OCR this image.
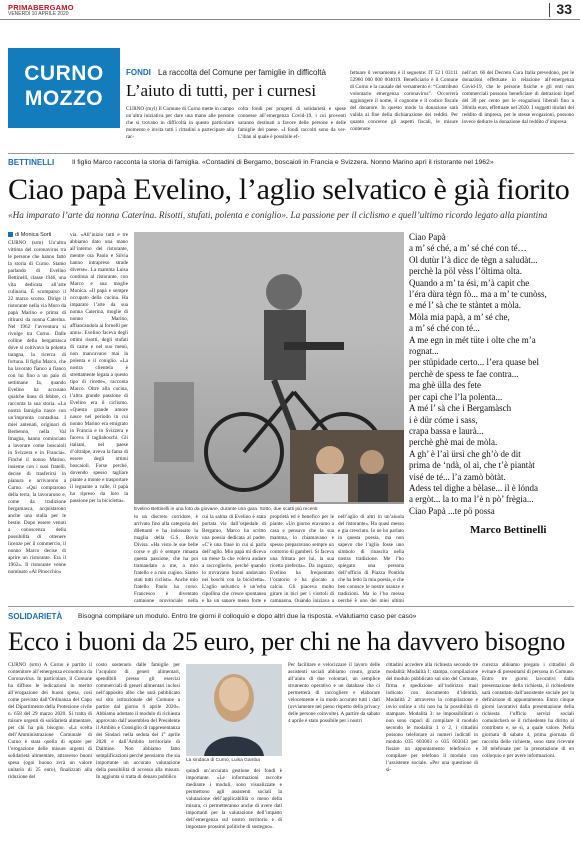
PRIMABERGAMO
VENERDÌ 10 APRILE 2020	33
CURNO
MOZZO
FONDI La raccolta del Comune per famiglie in difficoltà
L’aiuto di tutti, per i curnesi
CURNO (myl) Il Comune di Curno mette in campo un’altra iniziativa per dare una mano alle persone che si trovano in difficoltà in questo particolare momento e invita tutti i cittadini a partecipare alla rac-
colta fondi per progetti di solidarietà e spese connesse all’emergenza Covid-19, i cui proventi saranno destinati a favore delle persone e delle famiglie del paese. «I fondi raccolti sono da ver- L’iban al quale è possibile ef-
fettuare il versamento è il seguente: IT 52 I 03111 52960 000 000 004019. Beneficiario è il Comune di Curno e la causale del versamento è: “Contributo volontario emergenza coronavirus”. Occorrerà aggiungere il nome, il cognome e il codice fiscale del donatore. In questo modo la donazione sarà valida ai fine della dichiarazione dei redditi. Per quanto concerne gli aspetti fiscali, le misure contenute
nell’art. 66 del Decreto Cura Italia prevedono, per le donazioni effettuate in relazione all’emergenza Covid-19, che le persone fisiche e gli enti non commerciali possono beneficiare di detrazioni Irpef del 30 per cento per le erogazioni liberali fino a 30mila euro, effettuate nel 2020. I soggetti titolari del reddito di impresa, per le stesse erogazioni, possono invece dedurre la donazione dal reddito d’impresa.
BETTINELLI	Il figlio Marco racconta la storia di famiglia. «Contadini di Bergamo, boscaioli in Francia e Svizzera. Nonno Marino aprì il ristorante nel 1962»
Ciao papà Evelino, l’aglio selvatico è già fiorito
«Ha imparato l’arte da nonna Caterina. Risotti, stufati, polenta e coniglio». La passione per il ciclismo e quell’ultimo ricordo legato alla piantina
di Monica Sorti
CURNO (srm) Un’altra vittima del coronavirus tra le persone che hanno fatto la storia di Curno. Stamo parlando di Evelino Bettinelli, classe 1946, una vita dedicata all’arte culinaria. È scomparso il 22 marzo scorso. Dirige il ristorante nella via Moro da papà Marino e prima di ritirarsi da nonna Caterina. Nel 1962 l’avventura si rivolge tra Curno. Dalle colline della bergamasca dove si coltivava la polenta taragna, la ricerca di fortuna. Il figlio Marco, che ha lavorato fianco a fianco con lui fino a un paio di settimane fa, quando Evelino ha accusato qualche linea di febbre, ci racconta la sua storia. «La nostra famiglia nasce con un’impronta contadina. I miei antenati, originari di Berbenno, nella Val Imagna, hanno cominciato a lavorare come boscaioli in Svizzera e in Francia». Finché il nonno Marino, insieme con i suoi fratelli, decise di trasferirsi in pianura e arrivarono a Curno. «Qui comprarono della terra, la lavorarono e, come da tradizione bergamasca, acquistarono anche una stalla per le bestie. Dopo essere venuti a conoscenza della possibilità di ottenere licenze per il commercio, il nonno Marco decise di aprire un ristorante. Era il 1962». Il ristorante venne nominato «Al Pinocchio»
via. «All’inizio tutti e tre abbiamo dato una mano all’interno del ristorante, mentre ora Paolo e Silvia hanno intrapreso strade diverse». La mamma Luisa continua al ristorante, con Marco e sua moglie Monica. «Il papà e sempre occupato della cucina. Ha imparato l’arte da sua nonna Caterina, moglie di nonno Marino, affiancandola ai fornelli per anni». Evelino faceva degli ottimi risotti, degli stufati di carne e nel suo menù, non mancavano mai la polenta e il coniglio. «La nostra clientela è strettamente legata a questo tipo di ricette», racconta Marco. Oltre alla cucina, l’altra grande passione di Evelino era il ciclismo. «Questo grande amore nasce nel periodo in cui nonno Marino era emigrato in Francia e in Svizzera e faceva il tagliaboschi. Gli italiani, nel paese d’oltralpe, aveva la fama di essere degli ottimi boscaioli. Forse perché, dovendo spesso tagliare piante a monte e trasportare il legname a valle, il papà ha ripreso da loro la passione per la bicicletta».
Evelino Bettinelli in una foto da giovane, durante una gara. Sotto, due scatti più recenti
to un discreto corridore, è arrivato fino alla categoria dei dilettanti e ha indossato la maglia della G.S. Bovis Divisa. «Ha visto le sue belle corse e gli è sempre rimasta questa passione, che ha poi tramandato a me, a mio fratello e a mio cugino. Siamo stati tutti ciclisti». Anche mio fratello Paolo ha corso. Francesco è diventato campione provinciale nella
cui la salma di Evelino è stata portata via dall’ospedale di Bergamo, Marco ha scritto una poesia dedicata al padre. «C’è una frase in cui si parla dell’aglio. Mio papà mi diceva un mese fa che voleva andare a raccoglierlo, perché quando lo trovavano buoni andavano nei boschi con la bicicletta». L’aglio selvatico è un’erba cipollina che cresce spontanea e ha un sapore meno forte e
proprietà ed è benefico per le piante. «Un giorno eravamo a casa e pensavo che la sua mamma, lo chiamavano e spesso preparavano sempre un contorno di gamberi. Si faceva una frittata per lui, la sua ricetta preferita». Da ragazzo, Evelino ha frequentato l’oratorio e ha giocato a calcio. Gli piaceva molto girare in bici per i viottoli di campagna. Quando iniziava a
nell’aglio di altri in un’aiuola del ristorante». Ha quasi messo e gia cresciuto. Io ne ho parlato in questa poesia, ma non sapevo che l’aglio fosse uno simbolo di rinascita nella nostra tradizione. Me l’ho spiegato una persona dell’ufficio di Piazza Pontida che ha letto la mia poesia, e che ben conosce le nostre usanze e tradizioni. Ma io l’ho messa perché è uno dei miei ultimi
Ciao Papà
a m’ sé ché, a m’ sé ché con té…
Ol dutùr l’à dicc de tègn a saludàt...
perchè la pöl vèss l’öltima olta.
Quando a m’ ta ési, m’à capit che
l’éra dùra tègn fò... ma a m’ te cunòss,
e mé l’ sà che te stàntet a mòla.
Mòla mia papà, a m’ sé che,
a m’ sé ché con té...
A me egn in mét tüte i olte che m’a
rognat...
per stüpidade certo... l’era quase bel
perchè de spess te fae contra...
ma ghè ülla des fete
per capì che l’la polenta...
A mé l’ sà che i Bergamàsch
i è dür cóme i sass,
crapa bassa e laurà...
perchè ghè mai de mòla.
A gh’ è l’aì ürsì che gh’ò de dit
prima de ‘ndà, ol aì, che t’è piantàt
visé de té... l’a zamò bòtàt.
Adess tel dighe a bèlase... il è lónda
a ergòt... la to ma l’è n pò’ frègia...
Ciao Papà ...te pö possa
Marco Bettinelli
SOLIDARIETÀ Bisogna compilare un modulo. Entro tre giorni il colloquio e dopo altri due la risposta. «Valutiamo caso per caso»
Ecco i buoni da 25 euro, per chi ne ha davvero bisogno
CURNO (srm) A Curno è partito il contenitore all’emergenza economica da Coronavirus. In particolare, il Comune ha diffuso le indicazioni in merito all’erogazione dei buoni spesa, così come previsto dall’Ordinanza del Capo del Dipartimento della Protezione civile n. 658 del 29 marzo 2020. Si tratta di misure urgenti di solidarietà alimentare, per chi ha più bisogno. «La scelta dell’Amministrazione Comunale di Curno è stata quella di optare per l’erogazione delle misure urgenti di solidarietà alimentare, attraverso buoni spesa (ogni buono avrà un valore unitario di 25 euro), finalizzati alla riduzione del
costo sostenuto dalle famiglie per l’acquisto di generi alimentari, spendibili presso gli esercizi commerciali di generi alimentari inclusi nell’apposito albo che sarà pubblicato sul sito istituzionale del Comune a partire dal giorno 6 aprile 2020». Abbiamo adottato il modulo di richiesta approvato dall’assemblea del Presidente il Ambito e Consiglio di rappresentanza dei Sindaci nella seduta del 1° aprile 2020 e dall’Ambito territoriale di Dalmine. Non abbiamo fatto semplificazioni perché pensiamo che sia importante un accurato valutazione della possibilità di accesso alla misura. In aggiunta si tratta di denaro pubblico
La sindaca di Curno, Luisa Gamba
quindi un’accurata gestione dei fondi è importante. «Le informazioni raccolte mediante i moduli, sono visualizzate e permettono agli assistenti sociali la valutazione dell’applicabilità o meno della misura, ci permetteranno anche di avere dati importanti per la valutazione dell’impatto dell’emergenza sul nostro territorio e di impostare prossimi politiche di sostegno».
Per facilitare e velocizzare il lavoro delle assistenti sociali abbiamo creato, grazie all’aiuto di due volontari, un semplice strumento operativo e un database che ci permetterà di raccogliere e elaborare velocemente e in modo accurato tutti i dati (ovviamente nel pieno rispetto della privacy delle persone coinvolte). A partire da sabato 4 aprile è stato possibile per i nostri
cittadini accedere alla richiesta secondo tre modalità: Modalità 1: stampa, compilazione del modulo pubblicato sul sito del Comune, firma e spedizione all’indirizzo mail indicato con documento d’identità. Modalità 2: attraverso la compilazione e invio online a chi non ha la possibilità di stampare. Modalità 3: se impossibilitati o non sono capaci di compilare il modulo secondo le modalità 1 o 2, i cittadini possono telefonare ai numeri indicati in modulo 035 603003 o 035 603043 per fissare un appuntamento telefonico e compilare per telefono il modulo con l’assistente sociale. «Per una questione di si-
curezza abbiamo pregato i cittadini di evitare di presentarsi di persona in Comune. Entro tre giorni lavorativi dalla presentazione della richiesta, il richiedente sarà contattato dall’assistente sociale per la definizione di appuntamento. Entro cinque giorni lavorativi dalla presentazione della richiesta l’ufficio servizi sociali comunicherà se il richiedente ha diritto al contributo e, se sì, a quale valore. Nella giornata di sabato 4, prima giornata di raccolta delle richieste, sono state ricevute 30 telefonate per la prenotazione di un colloquio o per avere informazioni.
